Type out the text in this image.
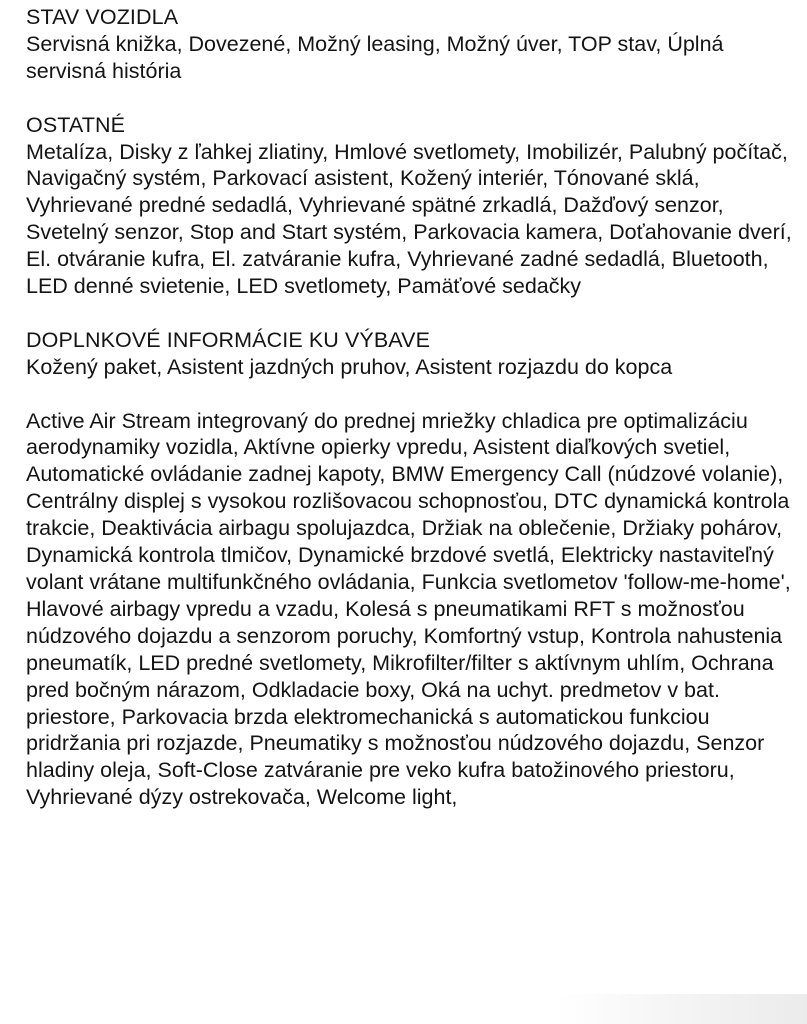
STAV VOZIDLA

Servisná knižka, Dovezené, Možný leasing, Možný úver, TOP stav, Úplná servisná história

OSTATNÉ

Metalíza, Disky z ľahkej zliatiny, Hmlové svetlomety, Imobilizér, Palubný počítač, Navigačný systém, Parkovací asistent, Kožený interiér, Tónované sklá, Vyhrievané predné sedadlá, Vyhrievané spätné zrkadlá, Dažďový senzor, Svetelný senzor, Stop and Start systém, Parkovacia kamera, Doťahovanie dverí, El. otváranie kufra, El. zatváranie kufra, Vyhrievané zadné sedadlá, Bluetooth, LED denné svietenie, LED svetlomety, Pamäťové sedačky

DOPLNKOVÉ INFORMÁCIE KU VÝBAVE

Kožený paket, Asistent jazdných pruhov, Asistent rozjazdu do kopca

Active Air Stream integrovaný do prednej mriežky chladica pre optimalizáciu aerodynamiky vozidla, Aktívne opierky vpredu, Asistent diaľkových svetiel, Automatické ovládanie zadnej kapoty, BMW Emergency Call (núdzové volanie), Centrálny displej s vysokou rozlišovacou schopnosťou, DTC dynamická kontrola trakcie, Deaktivácia airbagu spolujazdca, Držiak na oblečenie, Držiaky pohárov, Dynamická kontrola tlmičov, Dynamické brzdové svetlá, Elektricky nastaviteľný volant vrátane multifunkčného ovládania, Funkcia svetlometov 'follow-me-home', Hlavové airbagy vpredu a vzadu, Kolesá s pneumatikami RFT s možnosťou núdzového dojazdu a senzorom poruchy, Komfortný vstup, Kontrola nahustenia pneumatík, LED predné svetlomety, Mikrofilter/filter s aktívnym uhlím, Ochrana pred bočným nárazom, Odkladacie boxy, Oká na uchyt. predmetov v bat. priestore, Parkovacia brzda elektromechanická s automatickou funkciou pridržania pri rozjazde, Pneumatiky s možnosťou núdzového dojazdu, Senzor hladiny oleja, Soft-Close zatváranie pre veko kufra batožinového priestoru, Vyhrievané dýzy ostrekovača, Welcome light,
